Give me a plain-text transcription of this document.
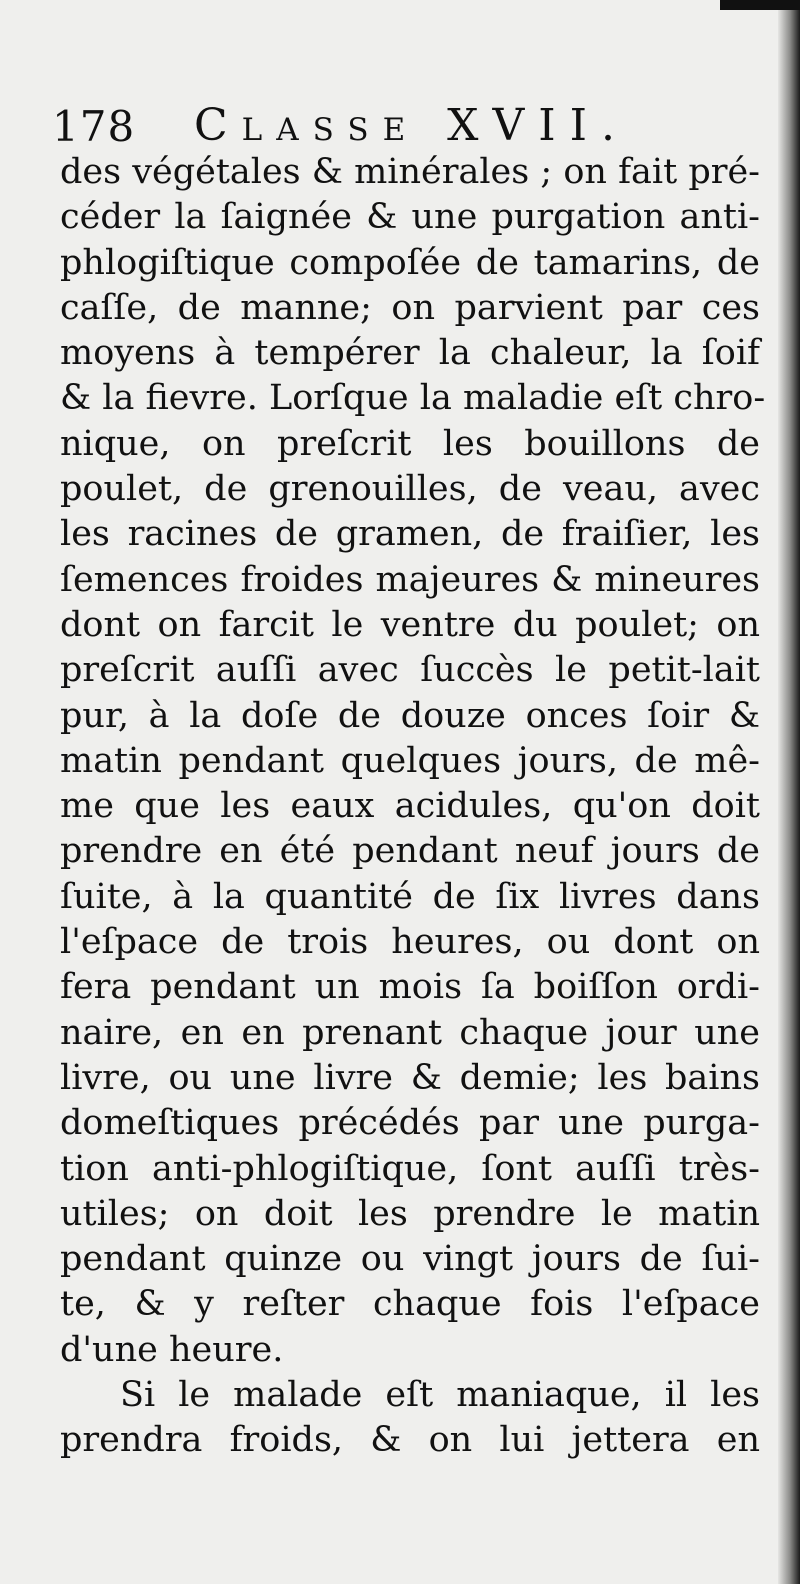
178 Classe XVII.
des végétales & minérales ; on fait pré-
céder la ſaignée & une purgation anti-
phlogiſtique compoſée de tamarins, de
caſſe, de manne; on parvient par ces
moyens à tempérer la chaleur, la ſoif
& la fievre. Lorſque la maladie eſt chro-
nique, on preſcrit les bouillons de
poulet, de grenouilles, de veau, avec
les racines de gramen, de fraiſier, les
ſemences froides majeures & mineures
dont on farcit le ventre du poulet; on
preſcrit auſſi avec ſuccès le petit-lait
pur, à la doſe de douze onces ſoir &
matin pendant quelques jours, de mê-
me que les eaux acidules, qu'on doit
prendre en été pendant neuf jours de
ſuite, à la quantité de ſix livres dans
l'eſpace de trois heures, ou dont on
fera pendant un mois ſa boiſſon ordi-
naire, en en prenant chaque jour une
livre, ou une livre & demie; les bains
domeſtiques précédés par une purga-
tion anti-phlogiſtique, ſont auſſi très-
utiles; on doit les prendre le matin
pendant quinze ou vingt jours de ſui-
te, & y reſter chaque fois l'eſpace
d'une heure.
Si le malade eſt maniaque, il les
prendra froids, & on lui jettera en
